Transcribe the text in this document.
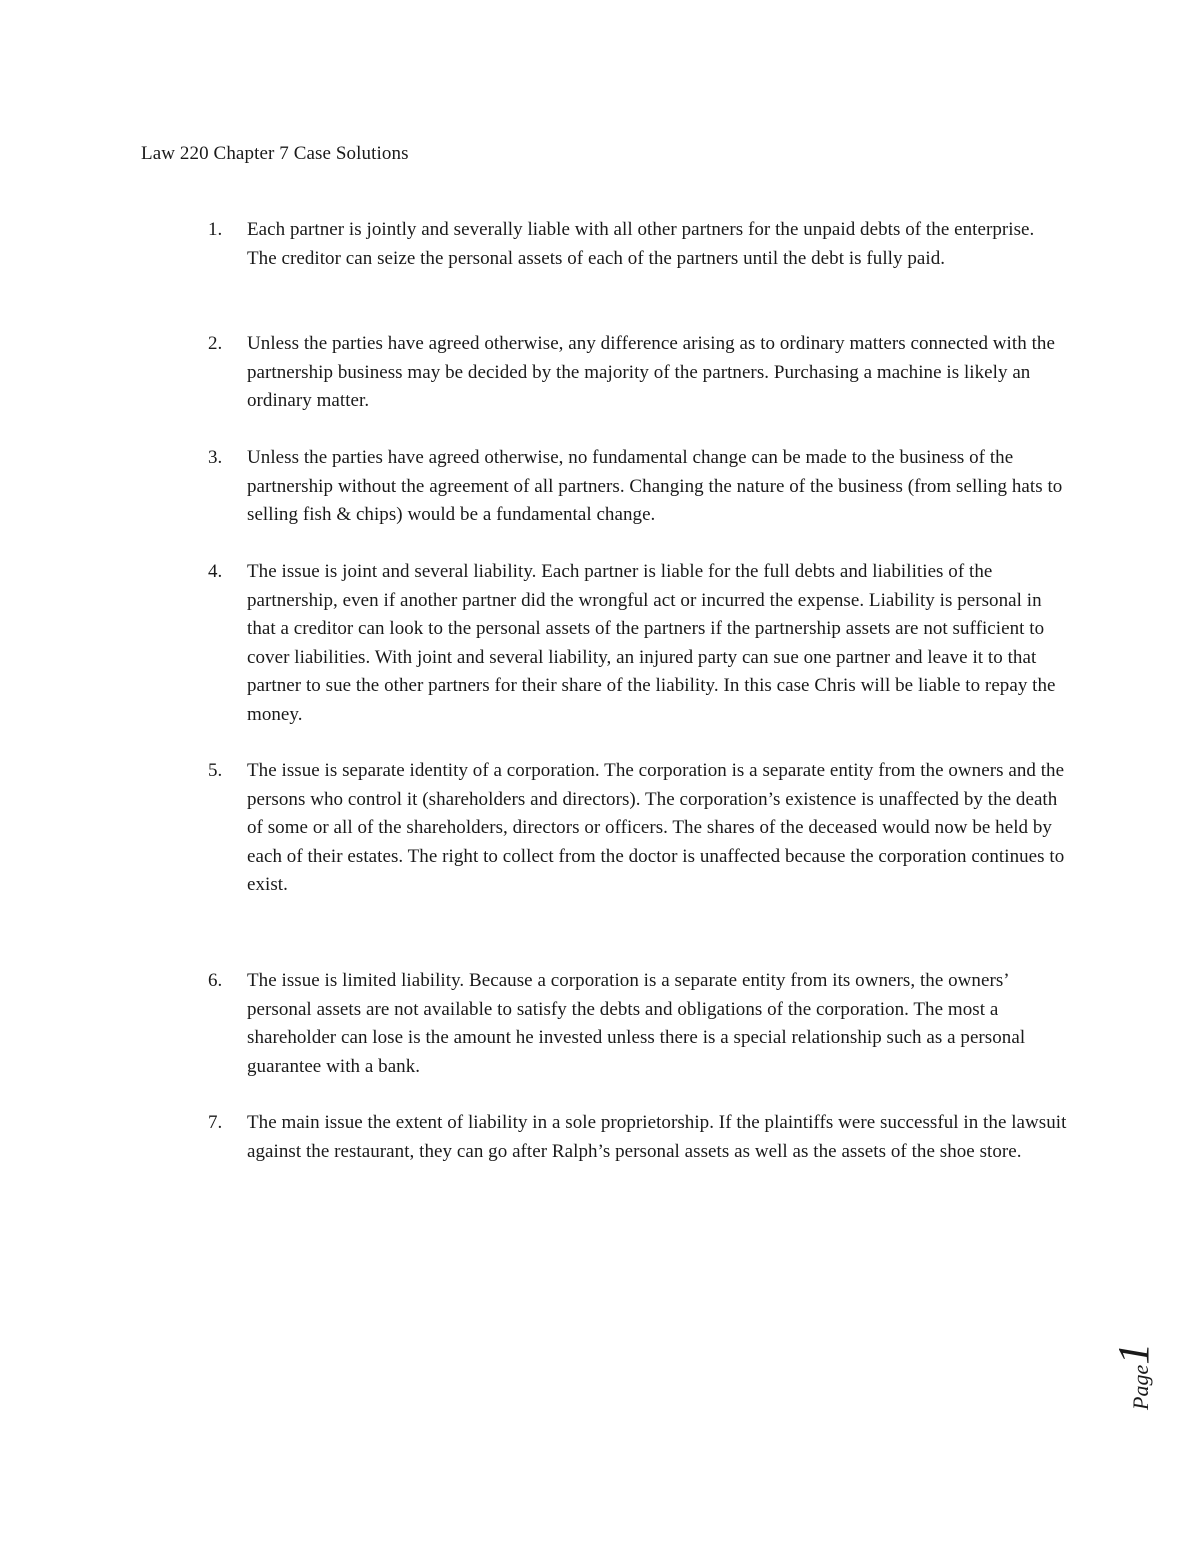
Law 220 Chapter 7 Case Solutions
1.	Each partner is jointly and severally liable with all other partners for the unpaid debts of the enterprise. The creditor can seize the personal assets of each of the partners until the debt is fully paid.
2.	Unless the parties have agreed otherwise, any difference arising as to ordinary matters connected with the partnership business may be decided by the majority of the partners. Purchasing a machine is likely an ordinary matter.
3.	Unless the parties have agreed otherwise, no fundamental change can be made to the business of the partnership without the agreement of all partners. Changing the nature of the business (from selling hats to selling fish & chips) would be a fundamental change.
4.	The issue is joint and several liability. Each partner is liable for the full debts and liabilities of the partnership, even if another partner did the wrongful act or incurred the expense. Liability is personal in that a creditor can look to the personal assets of the partners if the partnership assets are not sufficient to cover liabilities. With joint and several liability, an injured party can sue one partner and leave it to that partner to sue the other partners for their share of the liability. In this case Chris will be liable to repay the money.
5.	The issue is separate identity of a corporation. The corporation is a separate entity from the owners and the persons who control it (shareholders and directors). The corporation’s existence is unaffected by the death of some or all of the shareholders, directors or officers. The shares of the deceased would now be held by each of their estates. The right to collect from the doctor is unaffected because the corporation continues to exist.
6.	The issue is limited liability. Because a corporation is a separate entity from its owners, the owners’ personal assets are not available to satisfy the debts and obligations of the corporation. The most a shareholder can lose is the amount he invested unless there is a special relationship such as a personal guarantee with a bank.
7.	The main issue the extent of liability in a sole proprietorship. If the plaintiffs were successful in the lawsuit against the restaurant, they can go after Ralph’s personal assets as well as the assets of the shoe store.
Page1
